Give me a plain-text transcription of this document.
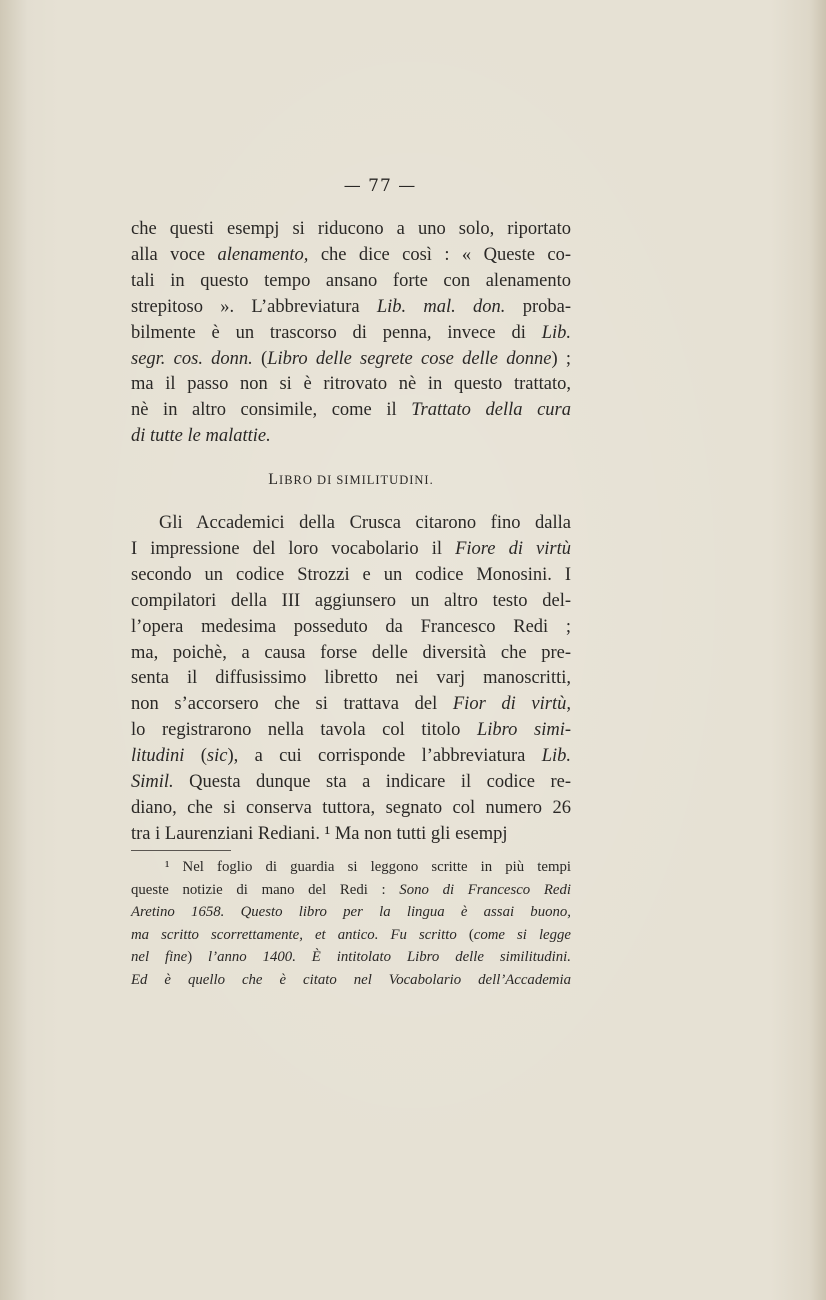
— 77 —
che questi esempj si riducono a uno solo, riportato
alla voce alenamento, che dice così : « Queste co-
tali in questo tempo ansano forte con alenamento
strepitoso ». L’abbreviatura Lib. mal. don. proba-
bilmente è un trascorso di penna, invece di Lib.
segr. cos. donn. (Libro delle segrete cose delle donne) ;
ma il passo non si è ritrovato nè in questo trattato,
nè in altro consimile, come il Trattato della cura
di tutte le malattie.
LIBRO DI SIMILITUDINI.
Gli Accademici della Crusca citarono fino dalla
I impressione del loro vocabolario il Fiore di virtù
secondo un codice Strozzi e un codice Monosini. I
compilatori della III aggiunsero un altro testo del-
l’opera medesima posseduto da Francesco Redi ;
ma, poichè, a causa forse delle diversità che pre-
senta il diffusissimo libretto nei varj manoscritti,
non s’accorsero che si trattava del Fior di virtù,
lo registrarono nella tavola col titolo Libro simi-
litudini (sic), a cui corrisponde l’abbreviatura Lib.
Simil. Questa dunque sta a indicare il codice re-
diano, che si conserva tuttora, segnato col numero 26
tra i Laurenziani Rediani. ¹ Ma non tutti gli esempj
¹ Nel foglio di guardia si leggono scritte in più tempi
queste notizie di mano del Redi : Sono di Francesco Redi
Aretino 1658. Questo libro per la lingua è assai buono,
ma scritto scorrettamente, et antico. Fu scritto (come si legge
nel fine) l’anno 1400. È intitolato Libro delle similitudini.
Ed è quello che è citato nel Vocabolario dell’Accademia
